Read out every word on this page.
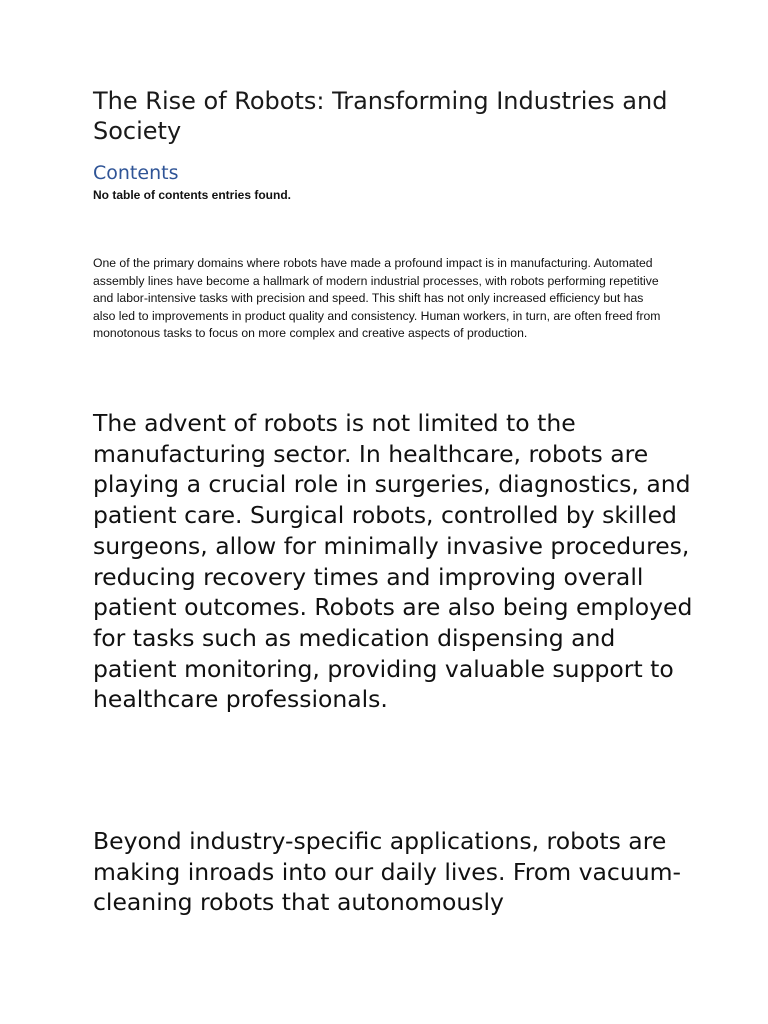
The Rise of Robots: Transforming Industries and Society
Contents

No table of contents entries found.

One of the primary domains where robots have made a profound impact is in manufacturing. Automated assembly lines have become a hallmark of modern industrial processes, with robots performing repetitive and labor-intensive tasks with precision and speed. This shift has not only increased efficiency but has also led to improvements in product quality and consistency. Human workers, in turn, are often freed from monotonous tasks to focus on more complex and creative aspects of production.

The advent of robots is not limited to the manufacturing sector. In healthcare, robots are playing a crucial role in surgeries, diagnostics, and patient care. Surgical robots, controlled by skilled surgeons, allow for minimally invasive procedures, reducing recovery times and improving overall patient outcomes. Robots are also being employed for tasks such as medication dispensing and patient monitoring, providing valuable support to healthcare professionals.

Beyond industry-specific applications, robots are making inroads into our daily lives. From vacuum-cleaning robots that autonomously
